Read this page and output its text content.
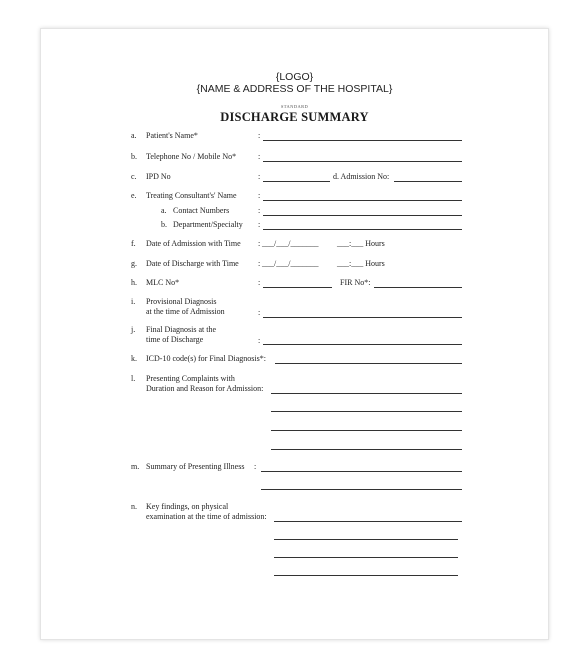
{LOGO}
{NAME & ADDRESS OF THE HOSPITAL}
STANDARD
DISCHARGE SUMMARY
a. Patient's Name*	:
b. Telephone No / Mobile No*	:
c. IPD No	:	d. Admission No:
e. Treating Consultant's' Name	:
a. Contact Numbers	:
b. Department/Specialty :
f. Date of Admission with Time : ___/___/_______ ___:___ Hours
g. Date of Discharge with Time : ___/___/_______ ___:___ Hours
h. MLC No*	:	FIR No*:
i. Provisional Diagnosis
at the time of Admission	:
j. Final Diagnosis at the
time of Discharge	:
k. ICD-10 code(s) for Final Diagnosis*:
l. Presenting Complaints with
Duration and Reason for Admission:
m. Summary of Presenting Illness :
n. Key findings, on physical
examination at the time of admission:
